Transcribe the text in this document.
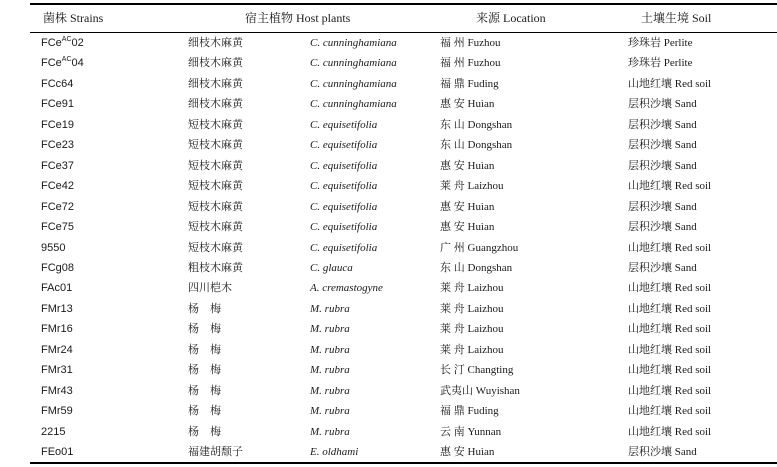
菌株 Strains	宿主植物 Host plants	来源 Location	土壤生境 Soil
FCe$^{AC}$02	细枝木麻黄	C. cunninghamiana	福 州 Fuzhou	珍珠岩 Perlite
FCe$^{AC}$04	细枝木麻黄	C. cunninghamiana	福 州 Fuzhou	珍珠岩 Perlite
FCc64	细枝木麻黄	C. cunninghamiana	福 鼎 Fuding	山地红壤 Red soil
FCe91	细枝木麻黄	C. cunninghamiana	惠 安 Huìan	层积沙壤 Sand
FCe19	短枝木麻黄	C. equisetifolia	东 山 Dongshan	层积沙壤 Sand
FCe23	短枝木麻黄	C. equisetifolia	东 山 Dongshan	层积沙壤 Sand
FCe37	短枝木麻黄	C. equisetifolia	惠 安 Huìan	层积沙壤 Sand
FCe42	短枝木麻黄	C. equisetifolia	莱 舟 Laizhou	山地红壤 Red soil
FCe72	短枝木麻黄	C. equisetifolia	惠 安 Huìan	层积沙壤 Sand
FCe75	短枝木麻黄	C. equisetifolia	惠 安 Huìan	层积沙壤 Sand
9550	短枝木麻黄	C. equisetifolia	广 州 Guangzhou	山地红壤 Red soil
FCg08	粗枝木麻黄	C. glauca	东 山 Dongshan	层积沙壤 Sand
FAc01	四川桤木	A. cremastogyne	莱 舟 Laizhou	山地红壤 Red soil
FMr13	杨    梅	M. rubra	莱 舟 Laizhou	山地红壤 Red soil
FMr16	杨    梅	M. rubra	莱 舟 Laizhou	山地红壤 Red soil
FMr24	杨    梅	M. rubra	莱 舟 Laizhou	山地红壤 Red soil
FMr31	杨    梅	M. rubra	长 汀 Changting	山地红壤 Red soil
FMr43	杨    梅	M. rubra	武夷山 Wuyishan	山地红壤 Red soil
FMr59	杨    梅	M. rubra	福 鼎 Fuding	山地红壤 Red soil
2215	杨    梅	M. rubra	云 南 Yunnan	山地红壤 Red soil
FEo01	福建胡颓子	E. oldhami	惠 安 Huìan	层积沙壤 Sand
